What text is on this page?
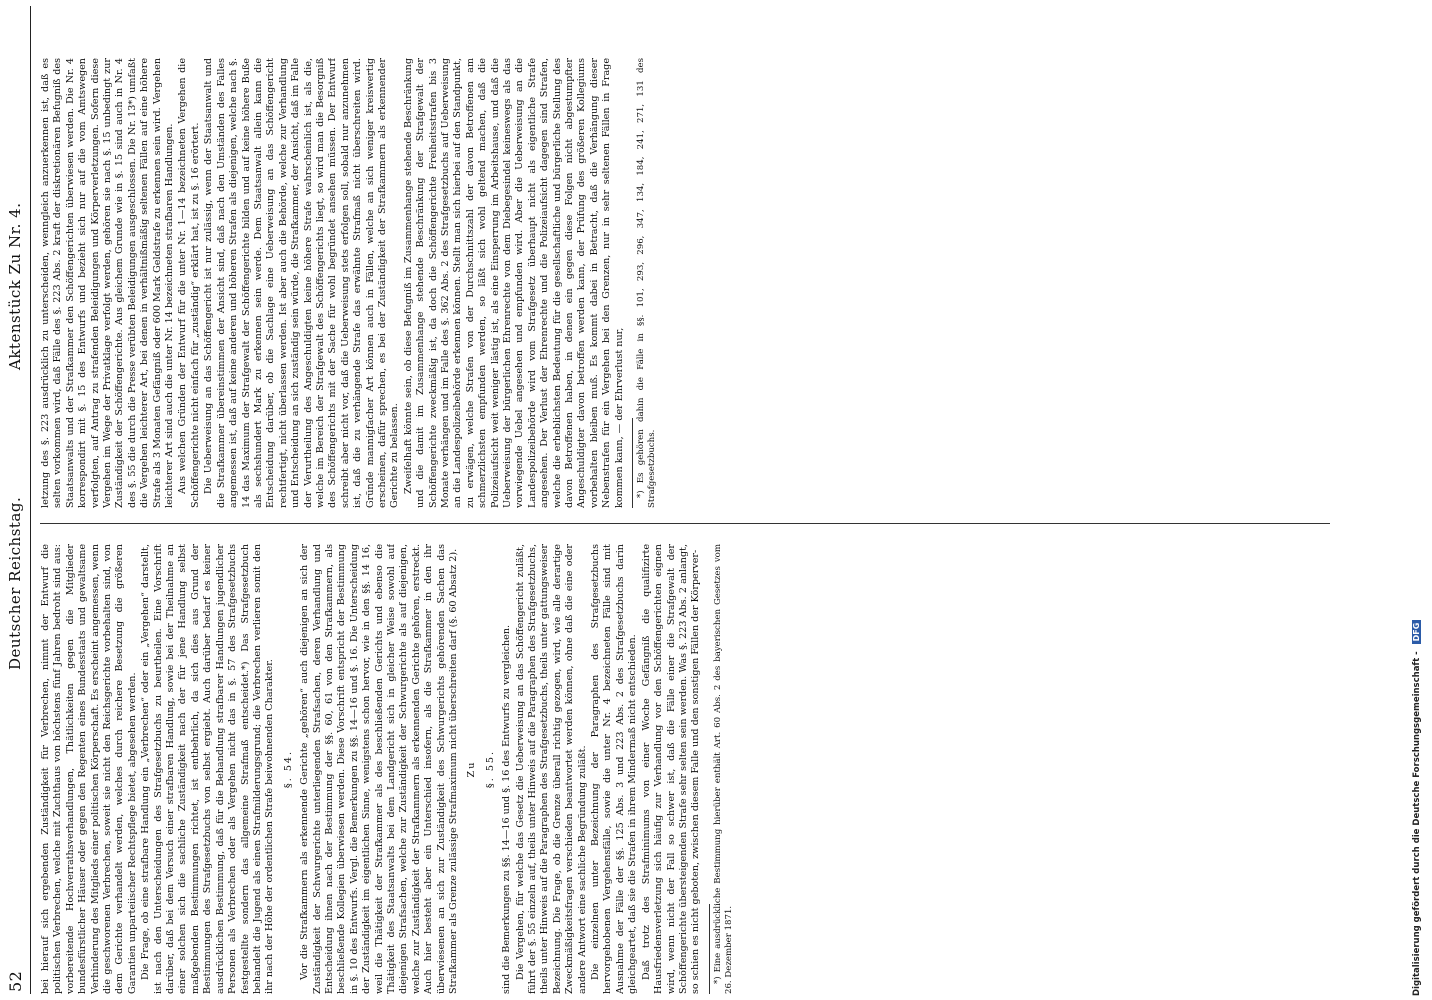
52
Deutscher Reichstag.
Aktenstück Zu Nr. 4.

bei hierauf sich ergebenden Zuständigkeit für Verbrechen, nimmt der Entwurf die politischen Verbrechen, welche mit Zuchthaus von höchstens fünf Jahren bedroht sind aus: vorbereitende Hochverrathsverhandlungen, Thätlichkeiten gegen die Mitglieder bundesfürstlicher Häuser oder gegen den Regenten eines Bundesstaats und gewaltsame Verhinderung des Mitglieds einer politischen Körperschaft. Es erscheint angemessen, wenn die geschworenen Verbrechen, soweit sie nicht den Reichsgerichte vorbehalten sind, von dem Gerichte verhandelt werden, welches durch reichere Besetzung die größeren Garantien unparteiischer Rechtspflege bietet, abgesehen werden. Die Frage, ob eine strafbare Handlung ein „Verbrechen“ oder ein „Vergehen“ darstellt, ist nach den Unterscheidungen des Strafgesetzbuchs zu beurtheilen. Eine Vorschrift darüber, daß bei dem Versuch einer strafbaren Handlung, sowie bei der Theilnahme an einer solchen sich die sachliche Zuständigkeit nach der für jene Handlung selbst maßgebenden Bestimmungen richtet, ist entbehrlich, da sich dies aus Grund der Bestimmungen des Strafgesetzbuchs von selbst ergiebt. Auch darüber bedarf es keiner ausdrücklichen Bestimmung, daß für die Behandlung strafbarer Handlungen jugendlicher Personen als Verbrechen oder als Vergehen nicht das in §. 57 des Strafgesetzbuchs festgestellte sondern das allgemeine Strafmaß entscheidet.*) Das Strafgesetzbuch behandelt die Jugend als einen Strafmilderungsgrund; die Verbrechen verlieren somit den ihr nach der Höhe der ordentlichen Strafe beiwohnenden Charakter. §. 54. Vor die Strafkammern als erkennende Gerichte „gehören“ auch diejenigen an sich der Zuständigkeit der Schwurgerichte unterliegenden Strafsachen, deren Verhandlung und Entscheidung ihnen nach der Bestimmung der §§. 60, 61 von den Strafkammern, als beschließende Kollegien überwiesen werden. Diese Vorschrift entspricht der Bestimmung in §. 10 des Entwurfs. Vergl. die Bemerkungen zu §§. 14—16 und §. 16. Die Unterscheidung der Zuständigkeit im eigentlichen Sinne, wenigstens schon hervor, wie in den §§. 14 16, weil die Thätigkeit der Strafkammer als des beschließenden Gerichts und ebenso die Thätigkeit des Staatsanwalts bei dem Landgericht sich in gleicher Weise sowohl auf diejenigen Strafsachen, welche zur Zuständigkeit der Schwurgerichte als auf diejenigen, welche zur Zuständigkeit der Strafkammern als erkennenden Gerichte gehören, erstreckt. Auch hier besteht aber ein Unterschied insofern, als die Strafkammer in den ihr überwiesenen an sich zur Zuständigkeit des Schwurgerichts gehörenden Sachen das Strafkammer als Grenze zulässige Strafmaximum nicht überschreiten darf (§. 60 Absatz 2). Zu §. 55. sind die Bemerkungen zu §§. 14—16 und §. 16 des Entwurfs zu vergleichen. Die Vergehen, für welche das Gesetz die Ueberweisung an das Schöffengericht zuläßt, führt der §. 55 einzeln auf, theils unter Hinweis auf die Paragraphen des Strafgesetzbuchs, theils unter Hinweis auf die Paragraphen des Strafgesetzbuchs, theils unter gattungsweiser Bezeichnung. Die Frage, ob die Grenze überall richtig gezogen, wird, wie alle derartige Zweckmäßigkeitsfragen verschieden beantwortet werden können, ohne daß die eine oder andere Antwort eine sachliche Begründung zuläßt. Die einzelnen unter Bezeichnung der Paragraphen des Strafgesetzbuchs hervorgehobenen Vergehensfälle, sowie die unter Nr. 4 bezeichneten Fälle sind mit Ausnahme der Fälle der §§. 125 Abs. 3 und 223 Abs. 2 des Strafgesetzbuchs darin gleichgeartet, daß sie die Strafen in ihrem Mindermaß nicht entschieden. Daß trotz des Strafminimums von einer Woche Gefängniß die qualifizirte Hausfriedensverletzung sich häufig zur Verhandlung vor den Schöffengerichten eignen wird, wenn nicht der Fall so schwer ist, daß die Fälle einer die Strafgewalt der Schöffengerichte übersteigenden Strafe sehr selten sein werden. Was §. 223 Abs. 2 anlangt, so schien es nicht geboten, zwischen diesem Falle und den sonstigen Fällen der Körperver- *) Eine ausdrückliche Bestimmung hierüber enthält Art. 60 Abs. 2 des bayerischen Gesetzes vom 26. Dezember 1871.

letzung des §. 223 ausdrücklich zu unterscheiden, wenngleich anzuerkennen ist, daß es selten vorkommen wird, daß Fälle des §. 223 Abs. 2 kraft der diskretionären Befugniß des Staatsanwalts und der Strafkammer den Schöffengerichten überwiesen werden. Die Nr. 4 korrespondirt mit §. 15 des Entwurfs und bezieht sich nur auf die vom Amtswegen verfolgten, auf Antrag zu strafenden Beleidigungen und Körperverletzungen. Sofern diese Vergehen im Wege der Privatklage verfolgt werden, gehören sie nach §. 15 unbedingt zur Zuständigkeit der Schöffengerichte. Aus gleichem Grunde wie in §. 15 sind auch in Nr. 4 des §. 55 die durch die Presse verübten Beleidigungen ausgeschlossen. Die Nr. 13*) umfaßt die Vergehen leichterer Art, bei denen in verhältnißmäßig seltenen Fällen auf eine höhere Strafe als 3 Monaten Gefängniß oder 600 Mark Geldstrafe zu erkennen sein wird. Vergehen leichterer Art sind auch die unter Nr. 14 bezeichneten strafbaren Handlungen. Aus welchen Gründen der Entwurf für die unter Nr. 1—14 bezeichneten Vergehen die Schöffengerichte nicht einfach für „zuständig“ erklärt hat, ist zu §. 16 erörtert. Die Ueberweisung an das Schöffengericht ist nur zulässig, wenn der Staatsanwalt und die Strafkammer übereinstimmen der Ansicht sind, daß nach den Umständen des Falles angemessen ist, daß auf keine anderen und höheren Strafen als diejenigen, welche nach §. 14 das Maximum der Strafgewalt der Schöffengerichte bilden und auf keine höhere Buße als sechshundert Mark zu erkennen sein werde. Dem Staatsanwalt allein kann die Entscheidung darüber, ob die Sachlage eine Ueberweisung an das Schöffengericht rechtfertigt, nicht überlassen werden. Ist aber auch die Behörde, welche zur Verhandlung und Entscheidung an sich zuständig sein würde, die Strafkammer, der Ansicht, daß im Falle der Verurtheilung des Angeschuldigten keine höhere Strafe wahrscheinlich ist, als die, welche im Bereich der Strafgewalt des Schöffengerichts liegt, so wird man die Besorgniß des Schöffengerichts mit der Sache für wohl begründet ansehen müssen. Der Entwurf schreibt aber nicht vor, daß die Ueberweisung stets erfolgen soll, sobald nur anzunehmen ist, daß die zu verhängende Strafe das erwähnte Strafmaß nicht überschreiten wird. Gründe mannigfacher Art können auch in Fällen, welche an sich weniger kreiswertig erscheinen, dafür sprechen, es bei der Zuständigkeit der Strafkammern als erkennender Gerichte zu belassen. Zweifelhaft könnte sein, ob diese Befugniß im Zusammenhange stehende Beschränkung und die damit im Zusammenhange stehende Beschränkung der Strafgewalt der Schöffengerichte zweckmäßig ist, da doch die Schöffengerichte Freiheitsstrafen bis 3 Monate verhängen und im Falle des §. 362 Abs. 2 des Strafgesetzbuchs auf Ueberweisung an die Landespolizeibehörde erkennen können. Stellt man sich hierbei auf den Standpunkt, zu erwägen, welche Strafen von der Durchschnittszahl der davon Betroffenen am schmerzlichsten empfunden werden, so läßt sich wohl geltend machen, daß die Polizeiaufsicht weit weniger lästig ist, als eine Einsperrung im Arbeitshause, und daß die Ueberweisung der bürgerlichen Ehrenrechte von dem Diebegesindel keineswegs als das vorwiegende Uebel angesehen und empfunden wird. Aber die Ueberweisung an die Landespolizeibehörde wird vom Strafgesetz überhaupt nicht als eigentliche Strafe angesehen. Der Verlust der Ehrenrechte und die Polizeiaufsicht dagegen sind Strafen, welche die erheblichsten Bedeutung für die gesellschaftliche und bürgerliche Stellung des davon Betroffenen haben, in denen ein gegen diese Folgen nicht abgestumpfter Angeschuldigter davon betroffen werden kann, der Prüfung des größeren Kollegiums vorbehalten bleiben muß. Es kommt dabei in Betracht, daß die Verhängung dieser Nebenstrafen für ein Vergehen bei den Grenzen, nur in sehr seltenen Fällen in Frage kommen kann, — der Ehrverlust nur, *) Es gehören dahin die Fälle in §§. 101, 293, 296, 347, 134, 184, 241, 271, 131 des Strafgesetzbuchs.

Digitalisierung gefördert durch die Deutsche Forschungsgemeinschaft - DFG
